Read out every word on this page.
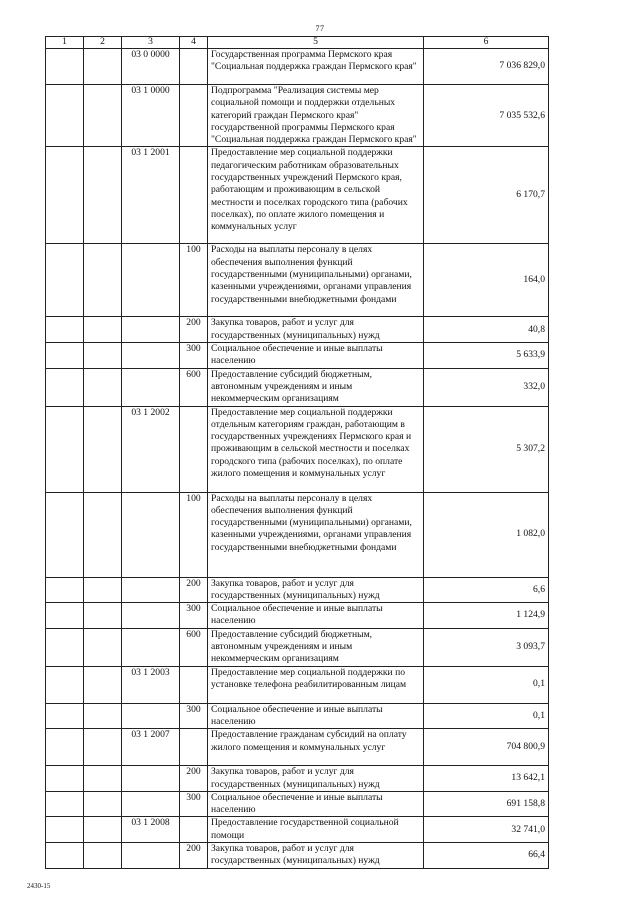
77
1	2	3	4	5	6
		03 0 0000		Государственная программа Пермского края "Социальная поддержка граждан Пермского края"	7 036 829,0
		03 1 0000		Подпрограмма "Реализация системы мер социальной помощи и поддержки отдельных категорий граждан Пермского края" государственной программы Пермского края "Социальная поддержка граждан Пермского края"	7 035 532,6
		03 1 2001		Предоставление мер социальной поддержки педагогическим работникам образовательных государственных учреждений Пермского края, работающим и проживающим в сельской местности и поселках городского типа (рабочих поселках), по оплате жилого помещения и коммунальных услуг	6 170,7
			100	Расходы на выплаты персоналу в целях обеспечения выполнения функций государственными (муниципальными) органами, казенными учреждениями, органами управления государственными внебюджетными фондами	164,0
			200	Закупка товаров, работ и услуг для государственных (муниципальных) нужд	40,8
			300	Социальное обеспечение и иные выплаты населению	5 633,9
			600	Предоставление субсидий бюджетным, автономным учреждениям и иным некоммерческим организациям	332,0
		03 1 2002		Предоставление мер социальной поддержки отдельным категориям граждан, работающим в государственных учреждениях Пермского края и проживающим в сельской местности и поселках городского типа (рабочих поселках), по оплате жилого помещения и коммунальных услуг	5 307,2
			100	Расходы на выплаты персоналу в целях обеспечения выполнения функций государственными (муниципальными) органами, казенными учреждениями, органами управления государственными внебюджетными фондами	1 082,0
			200	Закупка товаров, работ и услуг для государственных (муниципальных) нужд	6,6
			300	Социальное обеспечение и иные выплаты населению	1 124,9
			600	Предоставление субсидий бюджетным, автономным учреждениям и иным некоммерческим организациям	3 093,7
		03 1 2003		Предоставление мер социальной поддержки по установке телефона реабилитированным лицам	0,1
			300	Социальное обеспечение и иные выплаты населению	0,1
		03 1 2007		Предоставление гражданам субсидий на оплату жилого помещения и коммунальных услуг	704 800,9
			200	Закупка товаров, работ и услуг для государственных (муниципальных) нужд	13 642,1
			300	Социальное обеспечение и иные выплаты населению	691 158,8
		03 1 2008		Предоставление государственной социальной помощи	32 741,0
			200	Закупка товаров, работ и услуг для государственных (муниципальных) нужд	66,4
2430-15
